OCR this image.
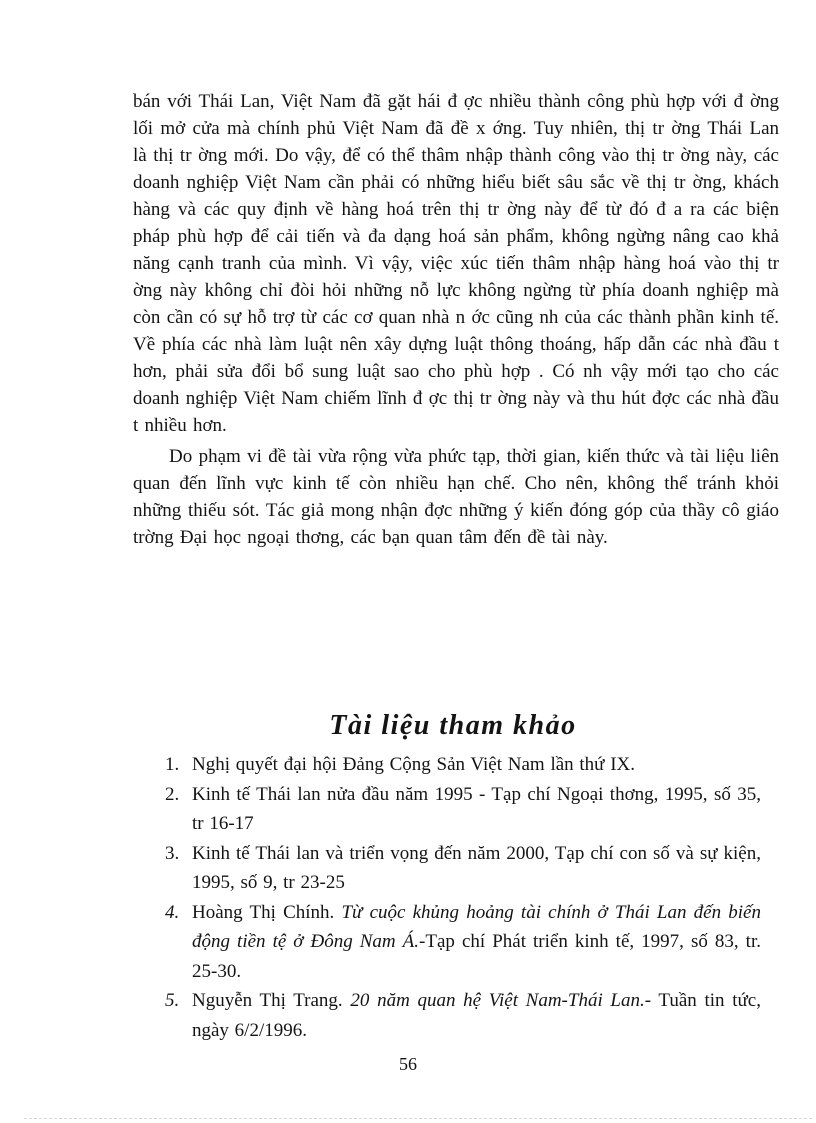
bán với Thái Lan, Việt Nam đã gặt hái đ ợc nhiều thành công phù hợp với đ ờng lối mở cửa mà chính phủ Việt Nam đã đề x ớng. Tuy nhiên, thị tr ờng Thái Lan là thị tr ờng mới. Do vậy, để có thể thâm nhập thành công vào thị tr ờng này, các doanh nghiệp Việt Nam cần phải có những hiểu biết sâu sắc về thị tr ờng, khách hàng và các quy định về hàng hoá trên thị tr ờng này để từ đó đ a ra các biện pháp phù hợp để cải tiến và đa dạng hoá sản phẩm, không ngừng nâng cao khả năng cạnh tranh của mình. Vì vậy, việc xúc tiến thâm nhập hàng hoá vào thị tr ờng này không chỉ đòi hỏi những nỗ lực không ngừng từ phía doanh nghiệp mà còn cần có sự hỗ trợ từ các cơ quan nhà n ớc cũng nh của các thành phần kinh tế. Về phía các nhà làm luật nên xây dựng luật thông thoáng, hấp dẫn các nhà đầu t hơn, phải sửa đổi bổ sung luật sao cho phù hợp . Có nh vậy mới tạo cho các doanh nghiệp Việt Nam chiếm lĩnh đ ợc thị tr ờng này và thu hút đợc các nhà đầu t nhiều hơn.

Do phạm vi đề tài vừa rộng vừa phức tạp, thời gian, kiến thức và tài liệu liên quan đến lĩnh vực kinh tế còn nhiều hạn chế. Cho nên, không thể tránh khỏi những thiếu sót. Tác giả mong nhận đợc những ý kiến đóng góp của thầy cô giáo trờng Đại học ngoại thơng, các bạn quan tâm đến đề tài này.

Tài liệu tham khảo
1. Nghị quyết đại hội Đảng Cộng Sản Việt Nam lần thứ IX.
2. Kinh tế Thái lan nửa đầu năm 1995 - Tạp chí Ngoại thơng, 1995, số 35, tr 16-17
3. Kinh tế Thái lan và triển vọng đến năm 2000, Tạp chí con số và sự kiện, 1995, số 9, tr 23-25
4. Hoàng Thị Chính. Từ cuộc khủng hoảng tài chính ở Thái Lan đến biến động tiền tệ ở Đông Nam Á.-Tạp chí Phát triển kinh tế, 1997, số 83, tr. 25-30.
5. Nguyễn Thị Trang. 20 năm quan hệ Việt Nam-Thái Lan.- Tuần tin tức, ngày 6/2/1996.
56
